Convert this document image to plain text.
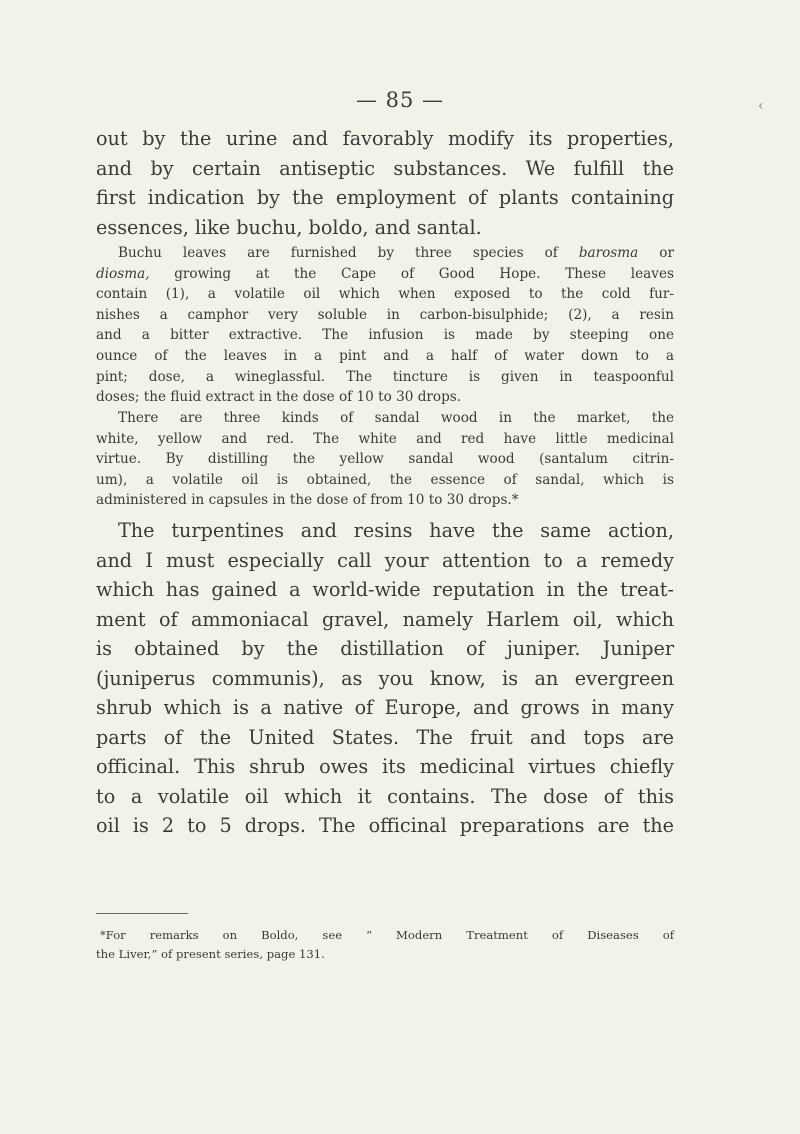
— 85 —	‹
out by the urine and favorably modify its properties,
and by certain antiseptic substances. We fulfill the
first indication by the employment of plants containing
essences, like buchu, boldo, and santal.
Buchu leaves are furnished by three species of barosma or
diosma, growing at the Cape of Good Hope. These leaves
contain (1), a volatile oil which when exposed to the cold fur-
nishes a camphor very soluble in carbon-bisulphide; (2), a resin
and a bitter extractive. The infusion is made by steeping one
ounce of the leaves in a pint and a half of water down to a
pint; dose, a wineglassful. The tincture is given in teaspoonful
doses; the fluid extract in the dose of 10 to 30 drops.
There are three kinds of sandal wood in the market, the
white, yellow and red. The white and red have little medicinal
virtue. By distilling the yellow sandal wood (santalum citrin-
um), a volatile oil is obtained, the essence of sandal, which is
administered in capsules in the dose of from 10 to 30 drops.*
The turpentines and resins have the same action,
and I must especially call your attention to a remedy
which has gained a world-wide reputation in the treat-
ment of ammoniacal gravel, namely Harlem oil, which
is obtained by the distillation of juniper. Juniper
(juniperus communis), as you know, is an evergreen
shrub which is a native of Europe, and grows in many
parts of the United States. The fruit and tops are
officinal. This shrub owes its medicinal virtues chiefly
to a volatile oil which it contains. The dose of this
oil is 2 to 5 drops. The officinal preparations are the
*For remarks on Boldo, see “ Modern Treatment of Diseases of
the Liver,” of present series, page 131.
